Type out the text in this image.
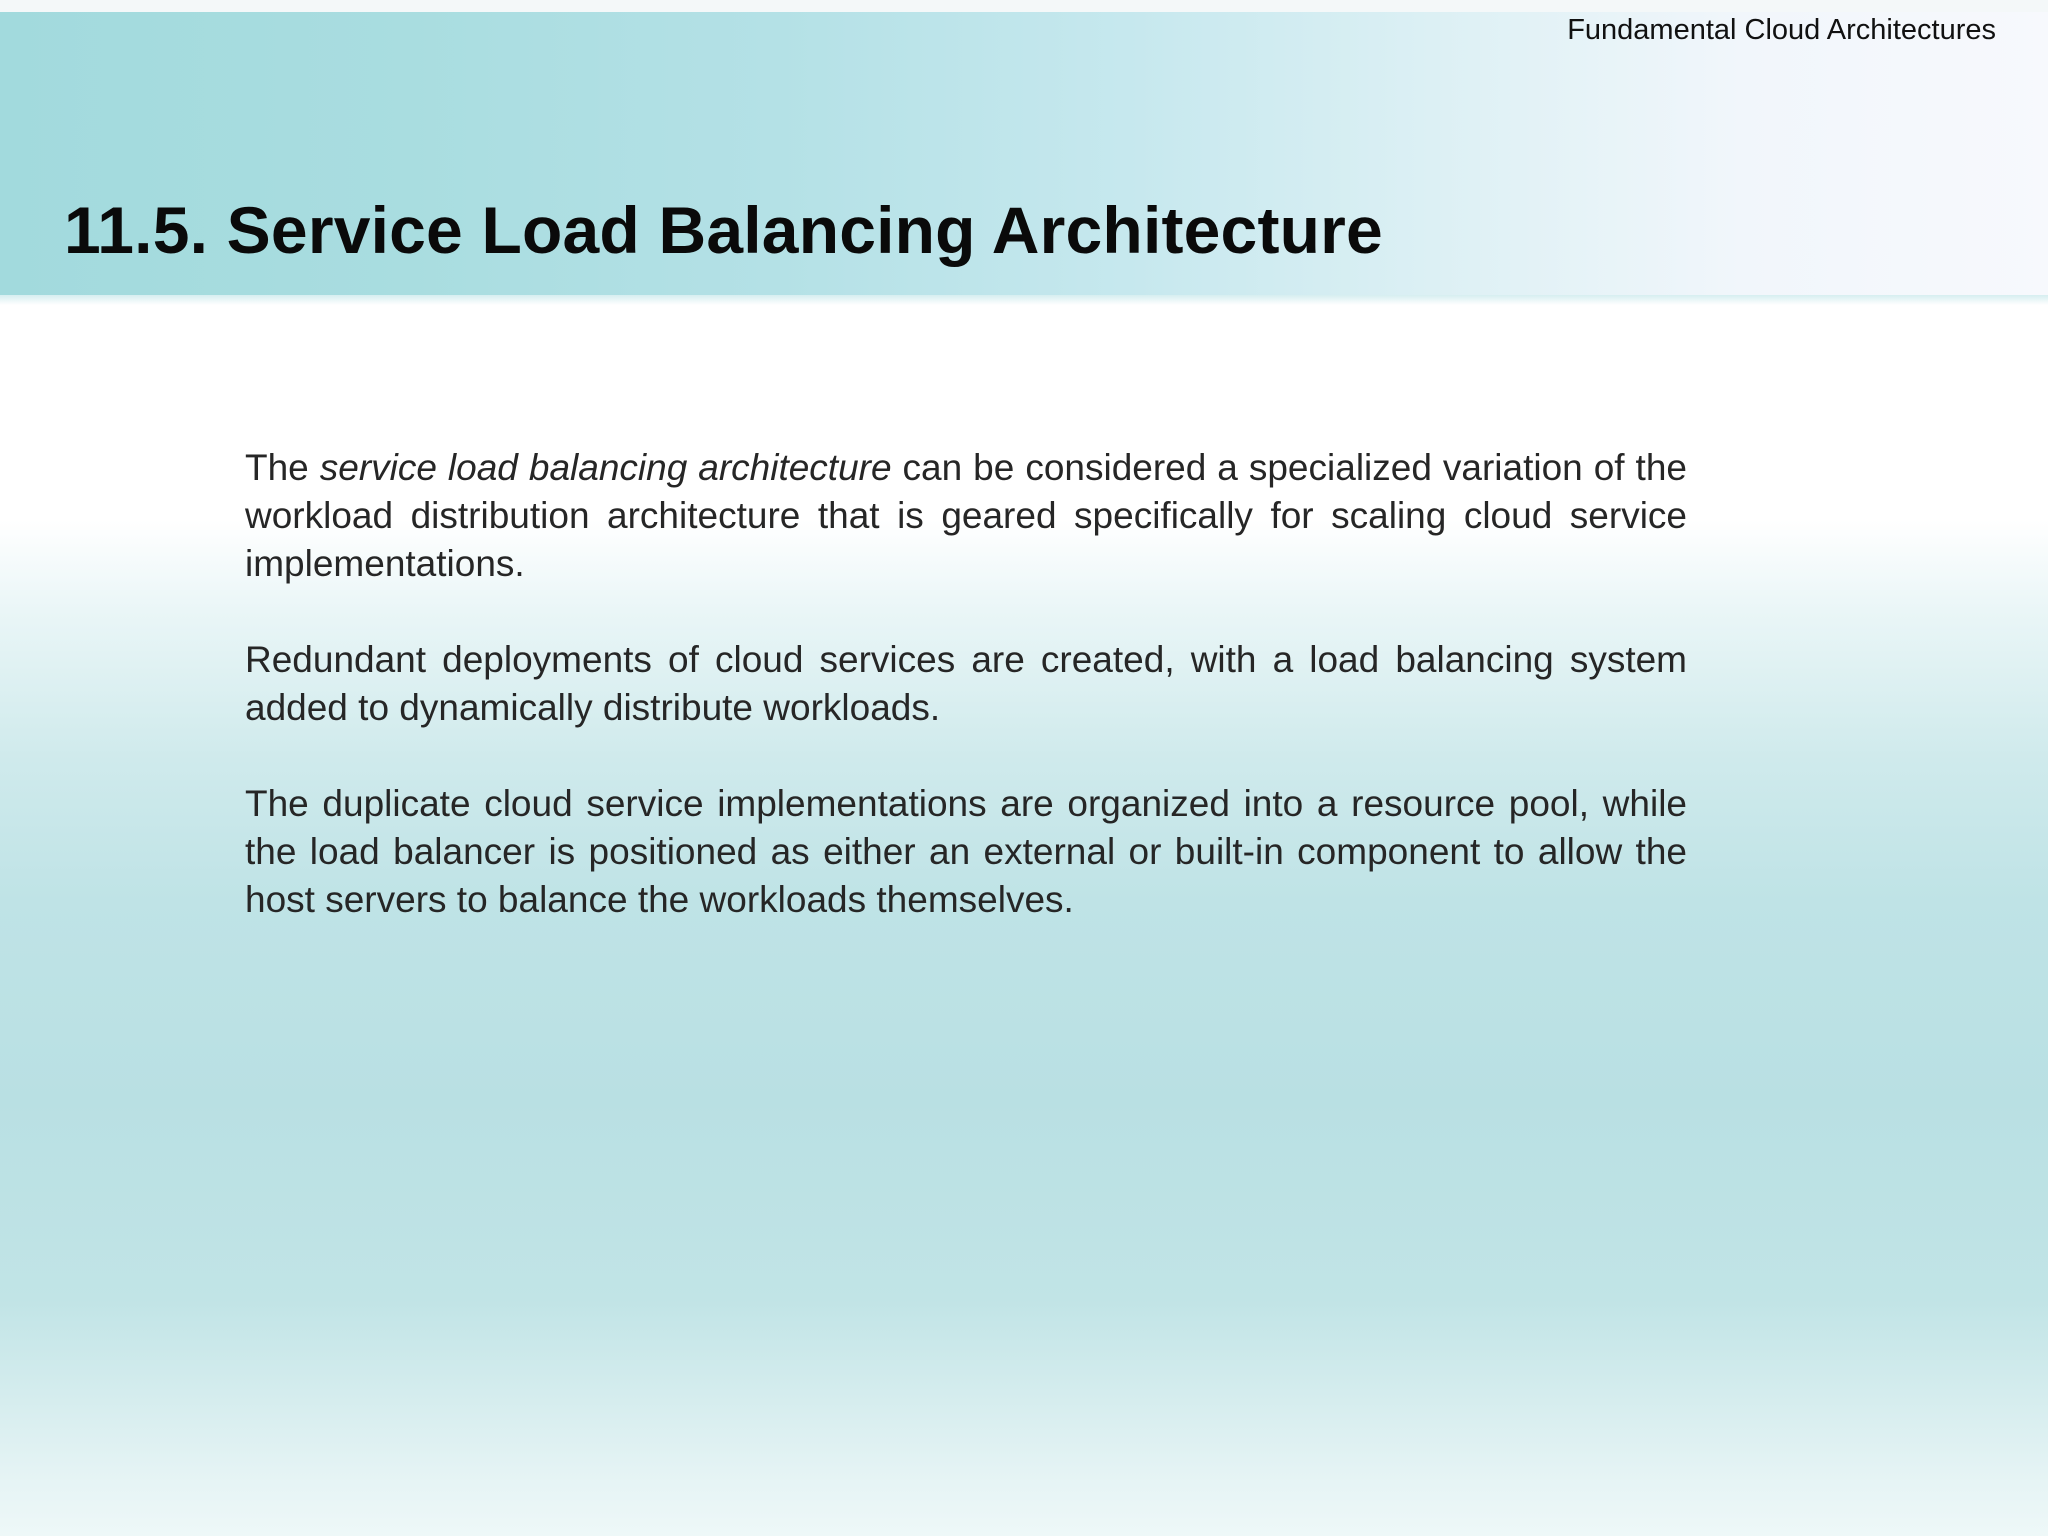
Fundamental Cloud Architectures
11.5. Service Load Balancing Architecture

The service load balancing architecture can be considered a specialized variation of the workload distribution architecture that is geared specifically for scaling cloud service implementations.

Redundant deployments of cloud services are created, with a load balancing system added to dynamically distribute workloads.

The duplicate cloud service implementations are organized into a resource pool, while the load balancer is positioned as either an external or built-in component to allow the host servers to balance the workloads themselves.
